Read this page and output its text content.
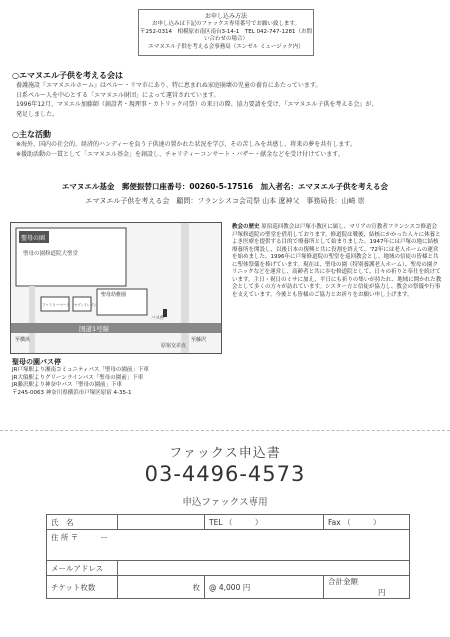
お申し込み方法
お申し込みは下記のファックス専用番号でお願い致します。
〒252-0314　相模原市南区南台3-14-1　TEL 042-747-1281（お問い合わせの場合）
エマヌエル子供を考える会事務局（エンゼル ミュージック内）
○エマヌエル子供を考える会は
養護施設『エマヌエルホーム』はペルー・リマ市にあり、特に恵まれぬ家庭崩壊の児童の養育にあたっています。
日系ペルー人を中心とする「エマヌエル財団」によって運営されています。
1996年12月、マヌエル加藤師（創設者・現理事・カトリック司祭）の来日の際、協力要請を受け、『エマヌエル子供を考える会』が、
発足しました。
○主な活動
※海外、国内の社会的、経済的ハンディーを負う子供達の置かれた状況を学び、その苦しみを共感し、将来の夢を共有します。
※援助活動の一貫として「エマヌエル基金」を創設し、チャリティーコンサート・バザー・献金などを受け付けています。
エマヌエル基金　郵便振替口座番号：00260-5-17516　加入者名：エマヌエル子供を考える会
エマヌエル子供を考える会　顧問：フランシスコ会司祭 山本 遼神父　事務局長：山崎 崇
聖母の園
聖母の園修道院大聖堂
国道1号線
ファミリーマート セブンイレブン
聖母幼稚園
至横浜	至藤沢
原宿交差点
バス停
教会の歴史 原宿巡回教会は戸塚小教区に属し、マリアの宣教者フランシスコ修道会戸塚修道院の聖堂を借用しております。修道院は戦後、結核にかかった人々に休養とよき医療を提供する目的で療養所として始まりました。1947年には戸塚の地に結核療養所を開設し、以後日本の復興と共に役割を終えて、'72年には老人ホームの運営を始めました。1996年に戸塚修道院の聖堂を巡回教会とし、地域の信徒の皆様と共に聖体祭儀を捧げています。現在は、聖母の園（特別養護老人ホーム）、聖母の園クリニックなどを運営し、高齢者と共に歩む修道院として、日々の祈りと奉仕を続けています。主日・祝日のミサに加え、平日にも祈りの集いが持たれ、地域に開かれた教会として多くの方々が訪れています。シスター方と信徒が協力し、教会の祭儀や行事を支えています。今後とも皆様のご協力とお祈りをお願い申し上げます。
聖母の園バス停
JR戸塚駅より湘南コミュニティバス「聖母の園前」下車
JR大船駅よりグリーンラインバス「聖母の園前」下車
JR藤沢駅より神奈中バス「聖母の園前」下車
〒245-0063 神奈川県横浜市戸塚区原宿 4-35-1
ファックス申込書
03-4496-4573
申込ファックス専用
氏　名		TEL （　　　）	Fax （　　　）
住 所 〒 ー			
メールアドレス			
チケット枚数	枚	@ 4,000 円	合計金額 円
